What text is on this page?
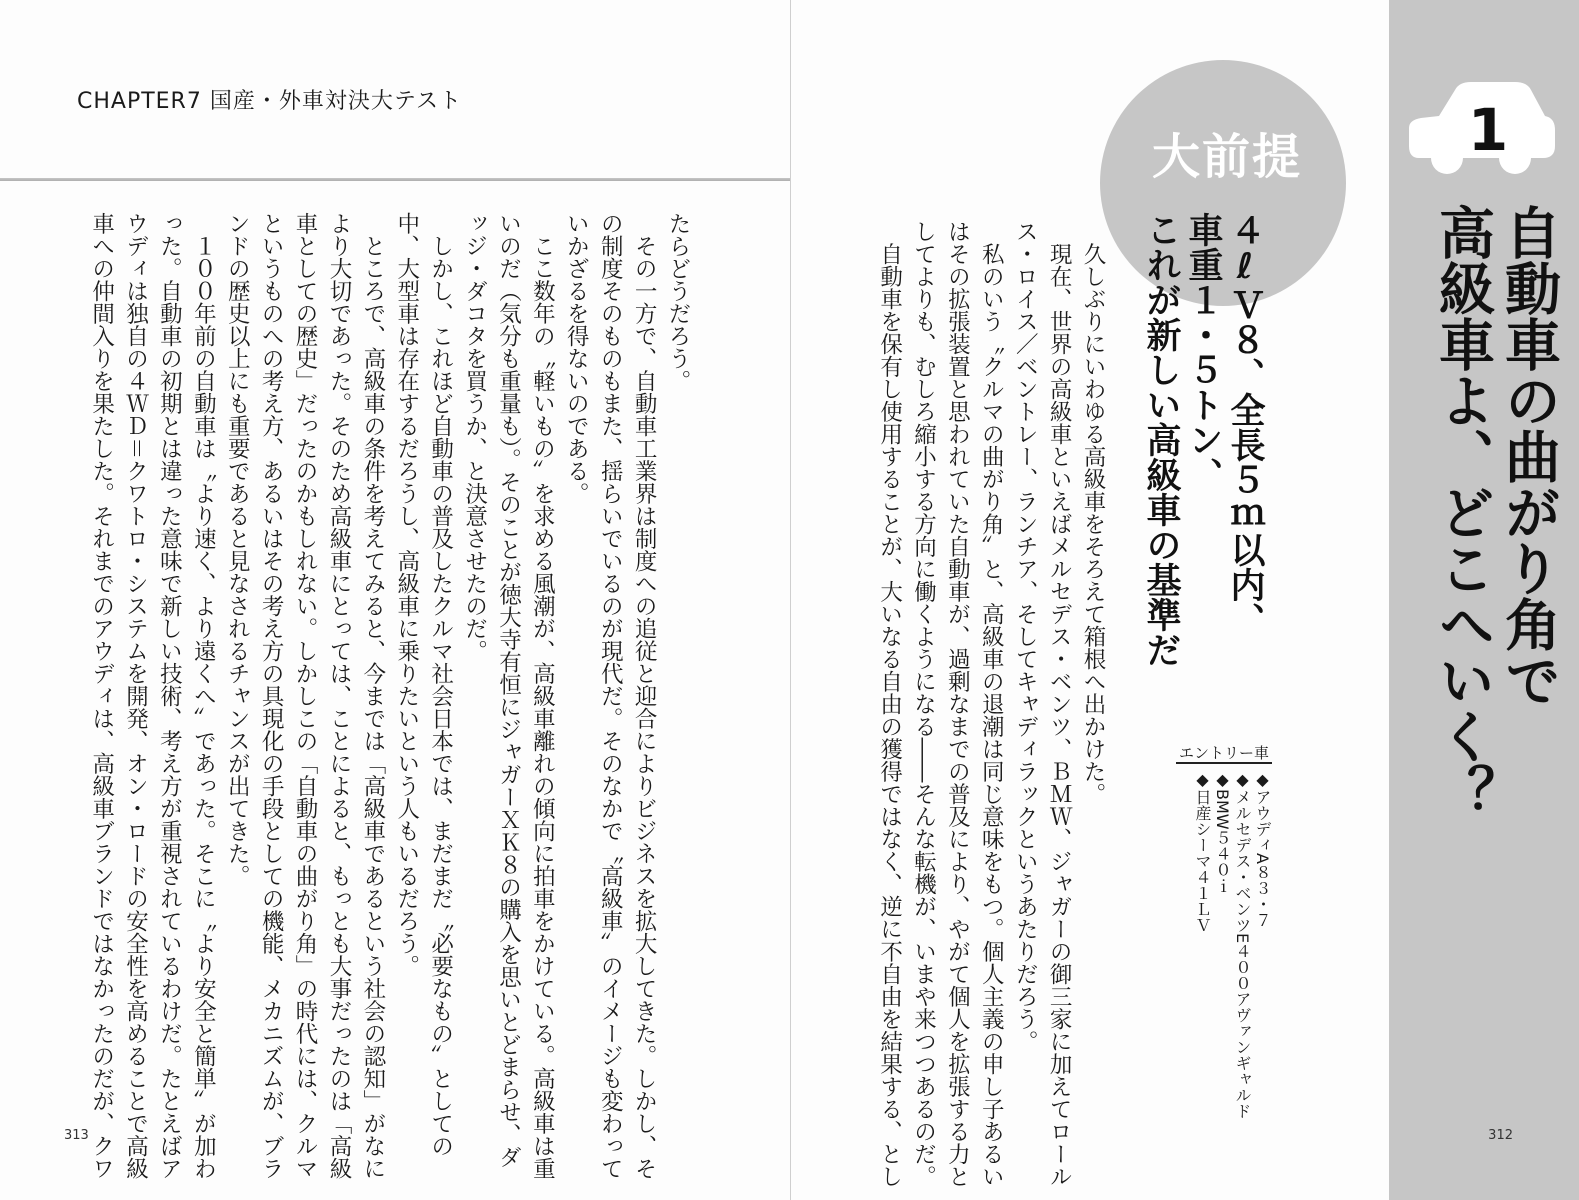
CHAPTER7 国産・外車対決大テスト
たらどうだろう。
　その一方で、自動車工業界は制度への追従と迎合によりビジネスを拡大してきた。しかし、そ
の制度そのものもまた、揺らいでいるのが現代だ。そのなかで〝高級車〟のイメージも変わって
いかざるを得ないのである。
　ここ数年の〝軽いもの〟を求める風潮が、高級車離れの傾向に拍車をかけている。高級車は重
いのだ（気分も重量も）。そのことが徳大寺有恒にジャガーＸＫ８の購入を思いとどまらせ、ダ
ッジ・ダコタを買うか、と決意させたのだ。
　しかし、これほど自動車の普及したクルマ社会日本では、まだまだ〝必要なもの〟としての
中、大型車は存在するだろうし、高級車に乗りたいという人もいるだろう。
　ところで、高級車の条件を考えてみると、今までは「高級車であるという社会の認知」がなに
より大切であった。そのため高級車にとっては、ことによると、もっとも大事だったのは「高級
車としての歴史」だったのかもしれない。しかしこの「自動車の曲がり角」の時代には、クルマ
というものへの考え方、あるいはその考え方の具現化の手段としての機能、メカニズムが、ブラ
ンドの歴史以上にも重要であると見なされるチャンスが出てきた。
　１００年前の自動車は〝より速く、より遠くへ〟であった。そこに〝より安全と簡単〟が加わ
った。自動車の初期とは違った意味で新しい技術、考え方が重視されているわけだ。たとえばア
ウディは独自の４ＷＤ＝クワトロ・システムを開発、オン・ロードの安全性を高めることで高級
車への仲間入りを果たした。それまでのアウディは、高級車ブランドではなかったのだが、クワ
313
1
自動車の曲がり角で
高級車よ、どこへいく？
大前提
４ℓＶ８、全長５ｍ以内、
車重１・５トン、
これが新しい高級車の基準だ
　久しぶりにいわゆる高級車をそろえて箱根へ出かけた。
　現在、世界の高級車といえばメルセデス・ベンツ、ＢＭＷ、ジャガーの御三家に加えてロール
ス・ロイス／ベントレー、ランチア、そしてキャディラックというあたりだろう。
　私のいう〝クルマの曲がり角〟と、高級車の退潮は同じ意味をもつ。個人主義の申し子あるい
はその拡張装置と思われていた自動車が、過剰なまでの普及により、やがて個人を拡張する力と
してよりも、むしろ縮小する方向に働くようになる――そんな転機が、いまや来つつあるのだ。
　自動車を保有し使用することが、大いなる自由の獲得ではなく、逆に不自由を結果する、とし	エントリー車
◆アウディA８３・７
◆メルセデス・ベンツE４００アヴァンギャルド
◆BMW５４０ｉ
◆日産シーマ４１ＬＶ
312
